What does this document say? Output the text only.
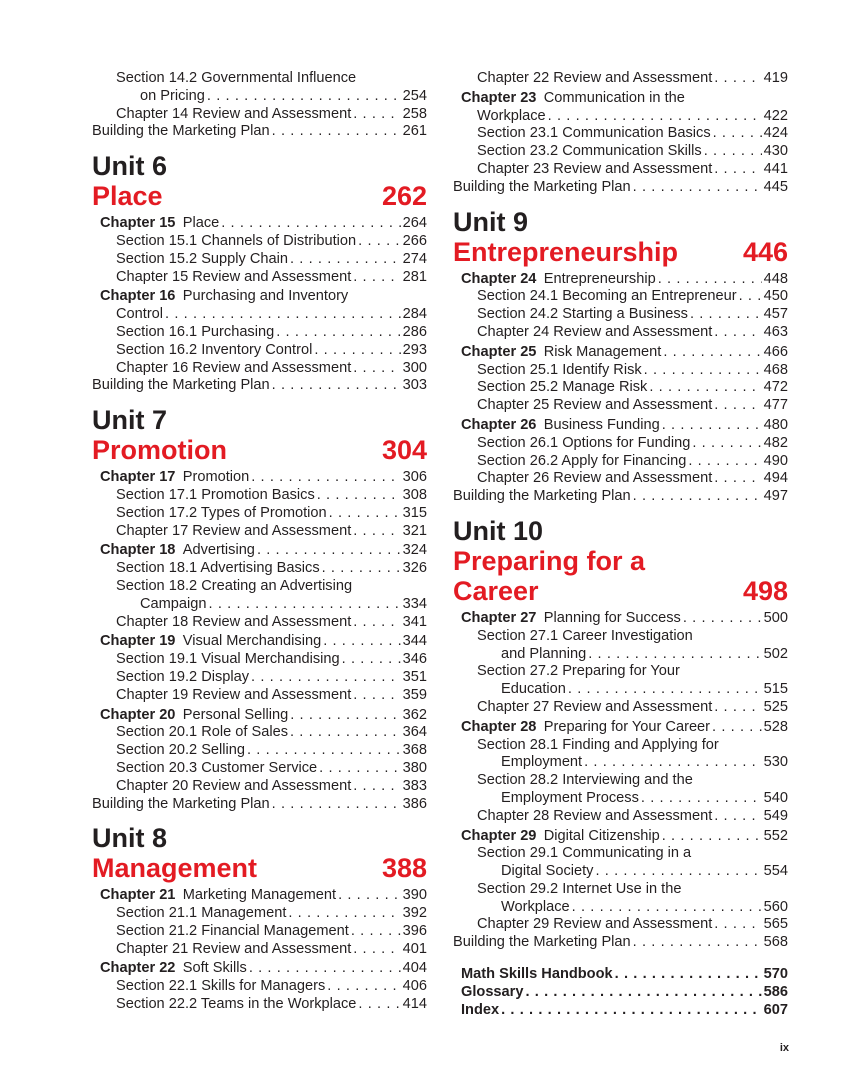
Section 14.2 Governmental Influence
on Pricing . . .	254
Chapter 14 Review and Assessment . . .	258
Building the Marketing Plan . . .	261
Unit 6
Place	262
Chapter 15 Place . . .	264
Section 15.1 Channels of Distribution . . .	266
Section 15.2 Supply Chain . . .	274
Chapter 15 Review and Assessment . . .	281
Chapter 16 Purchasing and Inventory
Control . . .	284
Section 16.1 Purchasing . . .	286
Section 16.2 Inventory Control . . .	293
Chapter 16 Review and Assessment . . .	300
Building the Marketing Plan . . .	303
Unit 7
Promotion	304
Chapter 17 Promotion . . .	306
Section 17.1 Promotion Basics . . .	308
Section 17.2 Types of Promotion . . .	315
Chapter 17 Review and Assessment . . .	321
Chapter 18 Advertising . . .	324
Section 18.1 Advertising Basics . . .	326
Section 18.2 Creating an Advertising
Campaign . . .	334
Chapter 18 Review and Assessment . . .	341
Chapter 19 Visual Merchandising . . .	344
Section 19.1 Visual Merchandising . . .	346
Section 19.2 Display . . .	351
Chapter 19 Review and Assessment . . .	359
Chapter 20 Personal Selling . . .	362
Section 20.1 Role of Sales . . .	364
Section 20.2 Selling . . .	368
Section 20.3 Customer Service . . .	380
Chapter 20 Review and Assessment . . .	383
Building the Marketing Plan . . .	386
Unit 8
Management	388
Chapter 21 Marketing Management . . .	390
Section 21.1 Management . . .	392
Section 21.2 Financial Management . . .	396
Chapter 21 Review and Assessment . . .	401
Chapter 22 Soft Skills . . .	404
Section 22.1 Skills for Managers . . .	406
Section 22.2 Teams in the Workplace . . .	414
Chapter 22 Review and Assessment . . .	419
Chapter 23 Communication in the
Workplace . . .	422
Section 23.1 Communication Basics . . .	424
Section 23.2 Communication Skills . . .	430
Chapter 23 Review and Assessment . . .	441
Building the Marketing Plan . . .	445
Unit 9
Entrepreneurship 446
Chapter 24 Entrepreneurship . . .	448
Section 24.1 Becoming an Entrepreneur . . . 450
Section 24.2 Starting a Business . . .	457
Chapter 24 Review and Assessment . . .	463
Chapter 25 Risk Management . . .	466
Section 25.1 Identify Risk . . .	468
Section 25.2 Manage Risk . . .	472
Chapter 25 Review and Assessment . . .	477
Chapter 26 Business Funding . . .	480
Section 26.1 Options for Funding . . .	482
Section 26.2 Apply for Financing . . .	490
Chapter 26 Review and Assessment . . .	494
Building the Marketing Plan . . .	497
Unit 10
Preparing for a
Career	498
Chapter 27 Planning for Success . . .	500
Section 27.1 Career Investigation
and Planning . . .	502
Section 27.2 Preparing for Your
Education . . .	515
Chapter 27 Review and Assessment . . .	525
Chapter 28 Preparing for Your Career . . .	528
Section 28.1 Finding and Applying for
Employment . . .	530
Section 28.2 Interviewing and the
Employment Process . . .	540
Chapter 28 Review and Assessment . . .	549
Chapter 29 Digital Citizenship . . .	552
Section 29.1 Communicating in a
Digital Society . . .	554
Section 29.2 Internet Use in the
Workplace . . .	560
Chapter 29 Review and Assessment . . .	565
Building the Marketing Plan . . .	568
Math Skills Handbook . . .	570
Glossary . . .	586
Index . . .	607
ix
